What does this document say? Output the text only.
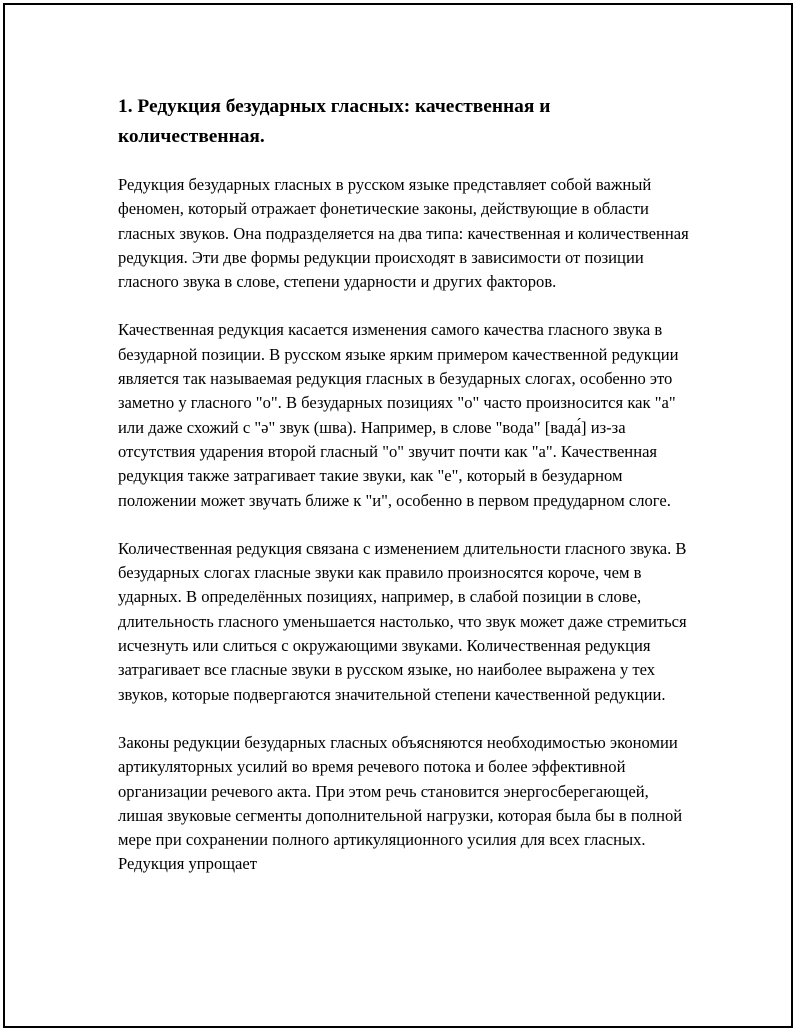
1. Редукция безударных гласных: качественная и количественная.
Редукция безударных гласных в русском языке представляет собой важный феномен, который отражает фонетические законы, действующие в области гласных звуков. Она подразделяется на два типа: качественная и количественная редукция. Эти две формы редукции происходят в зависимости от позиции гласного звука в слове, степени ударности и других факторов.
Качественная редукция касается изменения самого качества гласного звука в безударной позиции. В русском языке ярким примером качественной редукции является так называемая редукция гласных в безударных слогах, особенно это заметно у гласного "о". В безударных позициях "о" часто произносится как "а" или даже схожий с "ə" звук (шва). Например, в слове "вода" [вада́] из-за отсутствия ударения второй гласный "о" звучит почти как "а". Качественная редукция также затрагивает такие звуки, как "е", который в безударном положении может звучать ближе к "и", особенно в первом предударном слоге.
Количественная редукция связана с изменением длительности гласного звука. В безударных слогах гласные звуки как правило произносятся короче, чем в ударных. В определённых позициях, например, в слабой позиции в слове, длительность гласного уменьшается настолько, что звук может даже стремиться исчезнуть или слиться с окружающими звуками. Количественная редукция затрагивает все гласные звуки в русском языке, но наиболее выражена у тех звуков, которые подвергаются значительной степени качественной редукции.
Законы редукции безударных гласных объясняются необходимостью экономии артикуляторных усилий во время речевого потока и более эффективной организации речевого акта. При этом речь становится энергосберегающей, лишая звуковые сегменты дополнительной нагрузки, которая была бы в полной мере при сохранении полного артикуляционного усилия для всех гласных. Редукция упрощает
